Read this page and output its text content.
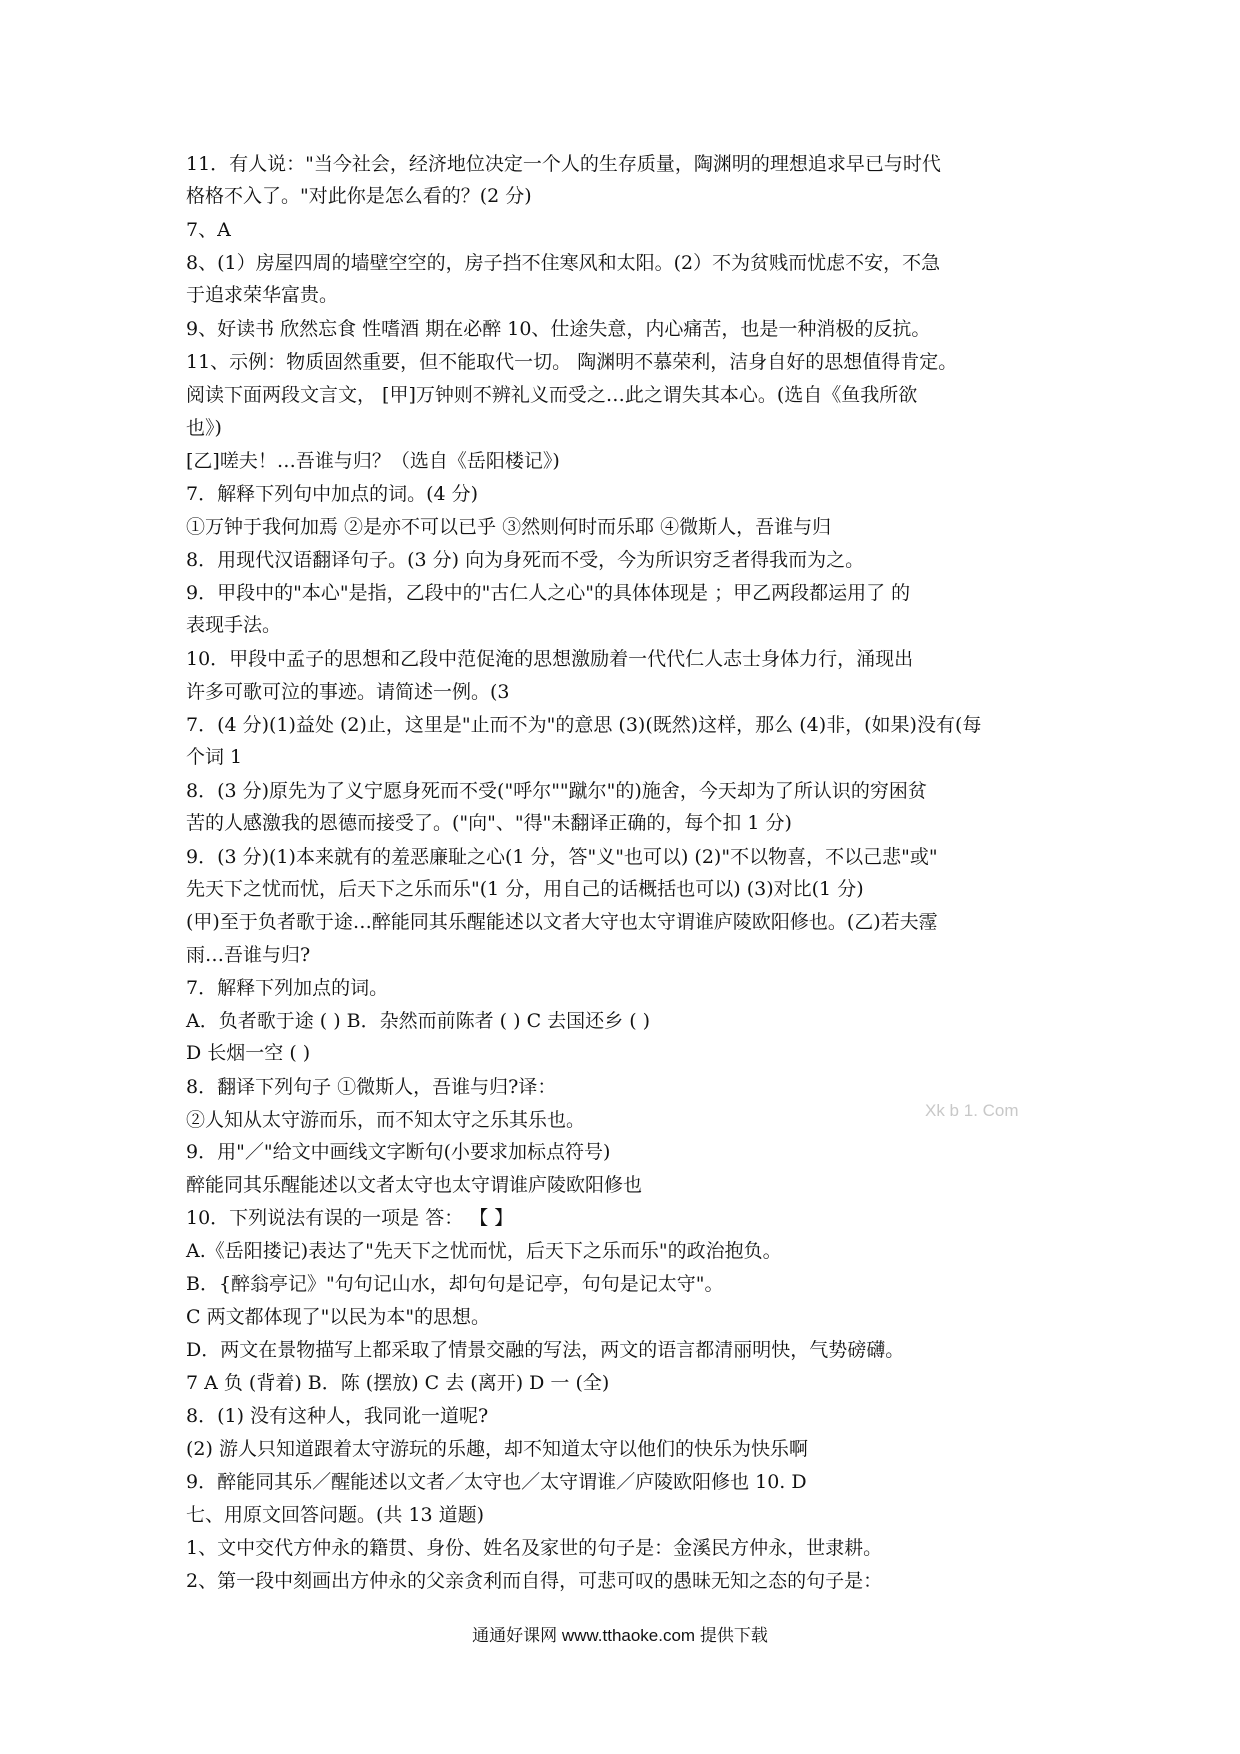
11．有人说："当今社会，经济地位决定一个人的生存质量，陶渊明的理想追求早已与时代
格格不入了。"对此你是怎么看的？(2 分)
7、A
8、(1）房屋四周的墙壁空空的，房子挡不住寒风和太阳。(2）不为贫贱而忧虑不安，不急
于追求荣华富贵。
9、好读书 欣然忘食 性嗜酒 期在必醉 10、仕途失意，内心痛苦，也是一种消极的反抗。
11、示例：物质固然重要，但不能取代一切。 陶渊明不慕荣利，洁身自好的思想值得肯定。
阅读下面两段文言文， [甲]万钟则不辨礼义而受之…此之谓失其本心。(选自《鱼我所欲
也》)
[乙]嗟夫！…吾谁与归？（选自《岳阳楼记》)
7．解释下列句中加点的词。(4 分)
①万钟于我何加焉 ②是亦不可以已乎 ③然则何时而乐耶 ④微斯人，吾谁与归
8．用现代汉语翻译句子。(3 分) 向为身死而不受，今为所识穷乏者得我而为之。
9．甲段中的"本心"是指，乙段中的"古仁人之心"的具体体现是 ；甲乙两段都运用了 的
表现手法。
10．甲段中孟子的思想和乙段中范促淹的思想激励着一代代仁人志士身体力行，涌现出
许多可歌可泣的事迹。请简述一例。(3
7．(4 分)(1)益处 (2)止，这里是"止而不为"的意思 (3)(既然)这样，那么 (4)非，(如果)没有(每
个词 1
8．(3 分)原先为了义宁愿身死而不受("呼尔""蹴尔"的)施舍，今天却为了所认识的穷困贫
苦的人感激我的恩德而接受了。("向"、"得"未翻译正确的，每个扣 1 分)
9．(3 分)(1)本来就有的羞恶廉耻之心(1 分，答"义"也可以) (2)"不以物喜，不以己悲"或"
先天下之忧而忧，后天下之乐而乐"(1 分，用自己的话概括也可以) (3)对比(1 分)
(甲)至于负者歌于途…醉能同其乐醒能述以文者大守也太守谓谁庐陵欧阳修也。(乙)若夫霪
雨…吾谁与归?
7．解释下列加点的词。
A．负者歌于途 ( ) B．杂然而前陈者 ( ) C 去国还乡 ( )
D 长烟一空 ( )
8．翻译下列句子 ①微斯人，吾谁与归?译：
②人知从太守游而乐，而不知太守之乐其乐也。
9．用"／"给文中画线文字断句(小要求加标点符号)
醉能同其乐醒能述以文者太守也太守谓谁庐陵欧阳修也
10．下列说法有误的一项是 答： 【 】
A.《岳阳搂记)表达了"先天下之忧而忧，后天下之乐而乐"的政治抱负。
B．{醉翁亭记》"句句记山水，却句句是记亭，句句是记太守"。
C 两文都体现了"以民为本"的思想。
D．两文在景物描写上都采取了情景交融的写法，两文的语言都清丽明快，气势磅礴。
7 A 负 (背着) B．陈 (摆放) C 去 (离开) D 一 (全)
8．(1) 没有这种人，我同讹一道呢?
(2) 游人只知道跟着太守游玩的乐趣，却不知道太守以他们的快乐为快乐啊
9．醉能同其乐／醒能述以文者／太守也／太守谓谁／庐陵欧阳修也 10. D
七、用原文回答问题。(共 13 道题)
1、文中交代方仲永的籍贯、身份、姓名及家世的句子是：金溪民方仲永，世隶耕。
2、第一段中刻画出方仲永的父亲贪利而自得，可悲可叹的愚昧无知之态的句子是：
Xk b 1. Com
通通好课网 www.tthaoke.com 提供下载
